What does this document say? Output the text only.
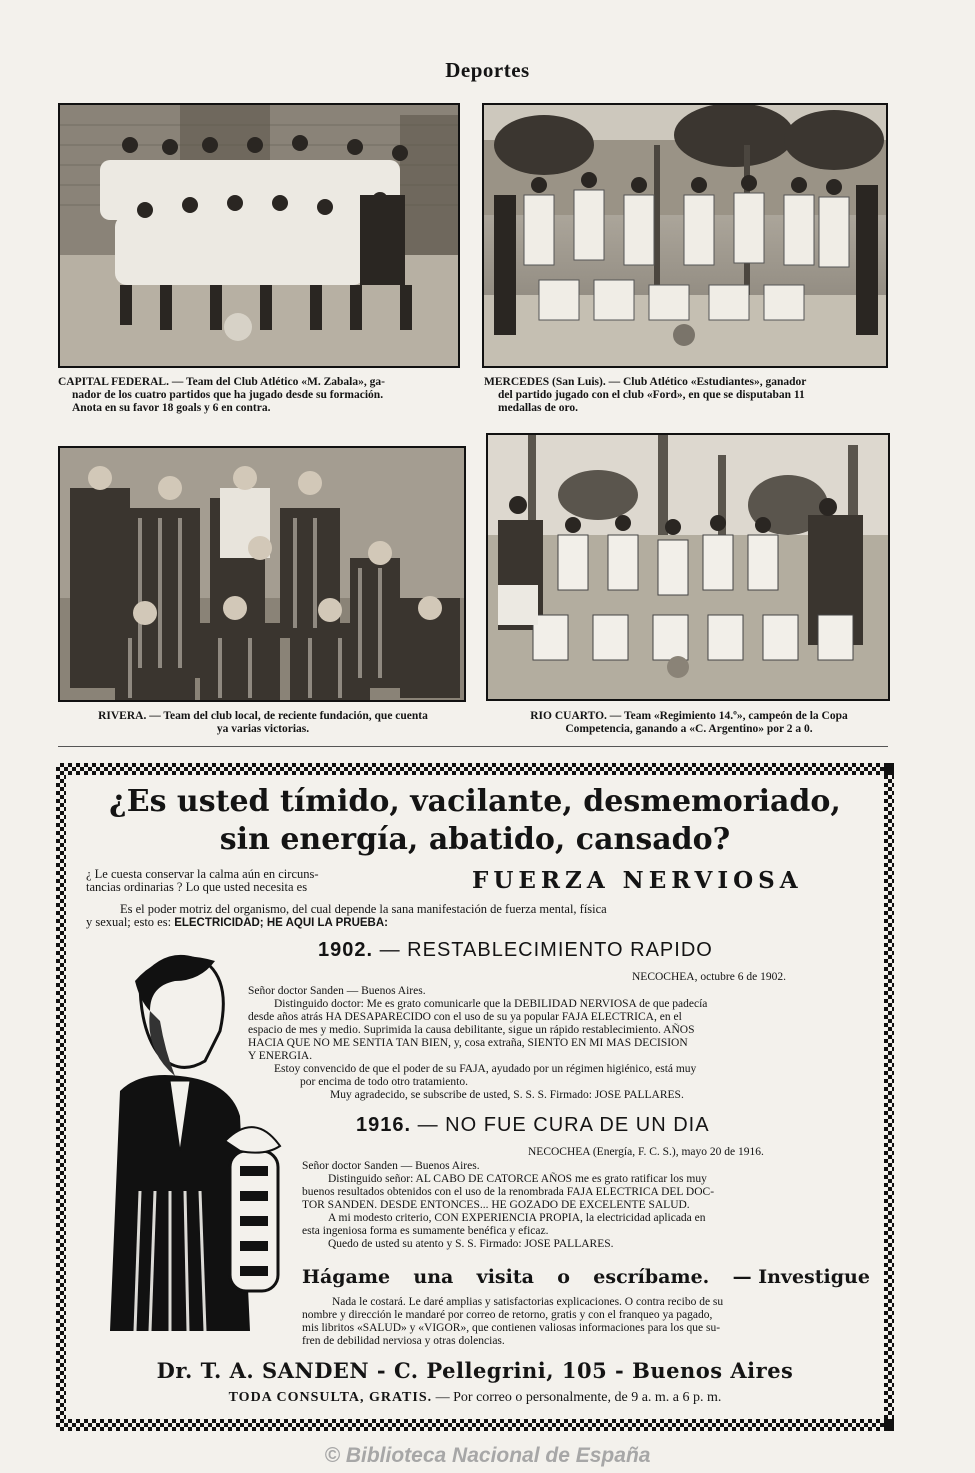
Deportes
CAPITAL FEDERAL. — Team del Club Atlético «M. Zabala», ga-
nador de los cuatro partidos que ha jugado desde su formación.
Anota en su favor 18 goals y 6 en contra.
MERCEDES (San Luis). — Club Atlético «Estudiantes», ganador
del partido jugado con el club «Ford», en que se disputaban 11
medallas de oro.
RIVERA. — Team del club local, de reciente fundación, que cuenta
ya varias victorias.
RIO CUARTO. — Team «Regimiento 14.º», campeón de la Copa
Competencia, ganando a «C. Argentino» por 2 a 0.
¿Es usted tímido, vacilante, desmemoriado,
sin energía, abatido, cansado?
¿ Le cuesta conservar la calma aún en circuns-
tancias ordinarias ? Lo que usted necesita es	FUERZA NERVIOSA
Es el poder motriz del organismo, del cual depende la sana manifestación de fuerza mental, física
y sexual; esto es: ELECTRICIDAD; HE AQUI LA PRUEBA:
1902. — RESTABLECIMIENTO RAPIDO
NECOCHEA, octubre 6 de 1902.
Señor doctor Sanden — Buenos Aires.
Distinguido doctor: Me es grato comunicarle que la DEBILIDAD NERVIOSA de que padecía
desde años atrás HA DESAPARECIDO con el uso de su ya popular FAJA ELECTRICA, en el
espacio de mes y medio. Suprimida la causa debilitante, sigue un rápido restablecimiento. AÑOS
HACIA QUE NO ME SENTIA TAN BIEN, y, cosa extraña, SIENTO EN MI MAS DECISION
Y ENERGIA.
Estoy convencido de que el poder de su FAJA, ayudado por un régimen higiénico, está muy
por encima de todo otro tratamiento.
Muy agradecido, se subscribe de usted, S. S. S. Firmado: JOSE PALLARES.
1916. — NO FUE CURA DE UN DIA
NECOCHEA (Energía, F. C. S.), mayo 20 de 1916.
Señor doctor Sanden — Buenos Aires.
Distinguido señor: AL CABO DE CATORCE AÑOS me es grato ratificar los muy
buenos resultados obtenidos con el uso de la renombrada FAJA ELECTRICA DEL DOC-
TOR SANDEN. DESDE ENTONCES... HE GOZADO DE EXCELENTE SALUD.
A mi modesto criterio, CON EXPERIENCIA PROPIA, la electricidad aplicada en
esta ingeniosa forma es sumamente benéfica y eficaz.
Quedo de usted su atento y S. S. Firmado: JOSE PALLARES.
Hágame una visita o escríbame. — Investigue
Nada le costará. Le daré amplias y satisfactorias explicaciones. O contra recibo de su
nombre y dirección le mandaré por correo de retorno, gratis y con el franqueo ya pagado,
mis libritos «SALUD» y «VIGOR», que contienen valiosas informaciones para los que su-
fren de debilidad nerviosa y otras dolencias.
Dr. T. A. SANDEN - C. Pellegrini, 105 - Buenos Aires
TODA CONSULTA, GRATIS. — Por correo o personalmente, de 9 a. m. a 6 p. m.
© Biblioteca Nacional de España
